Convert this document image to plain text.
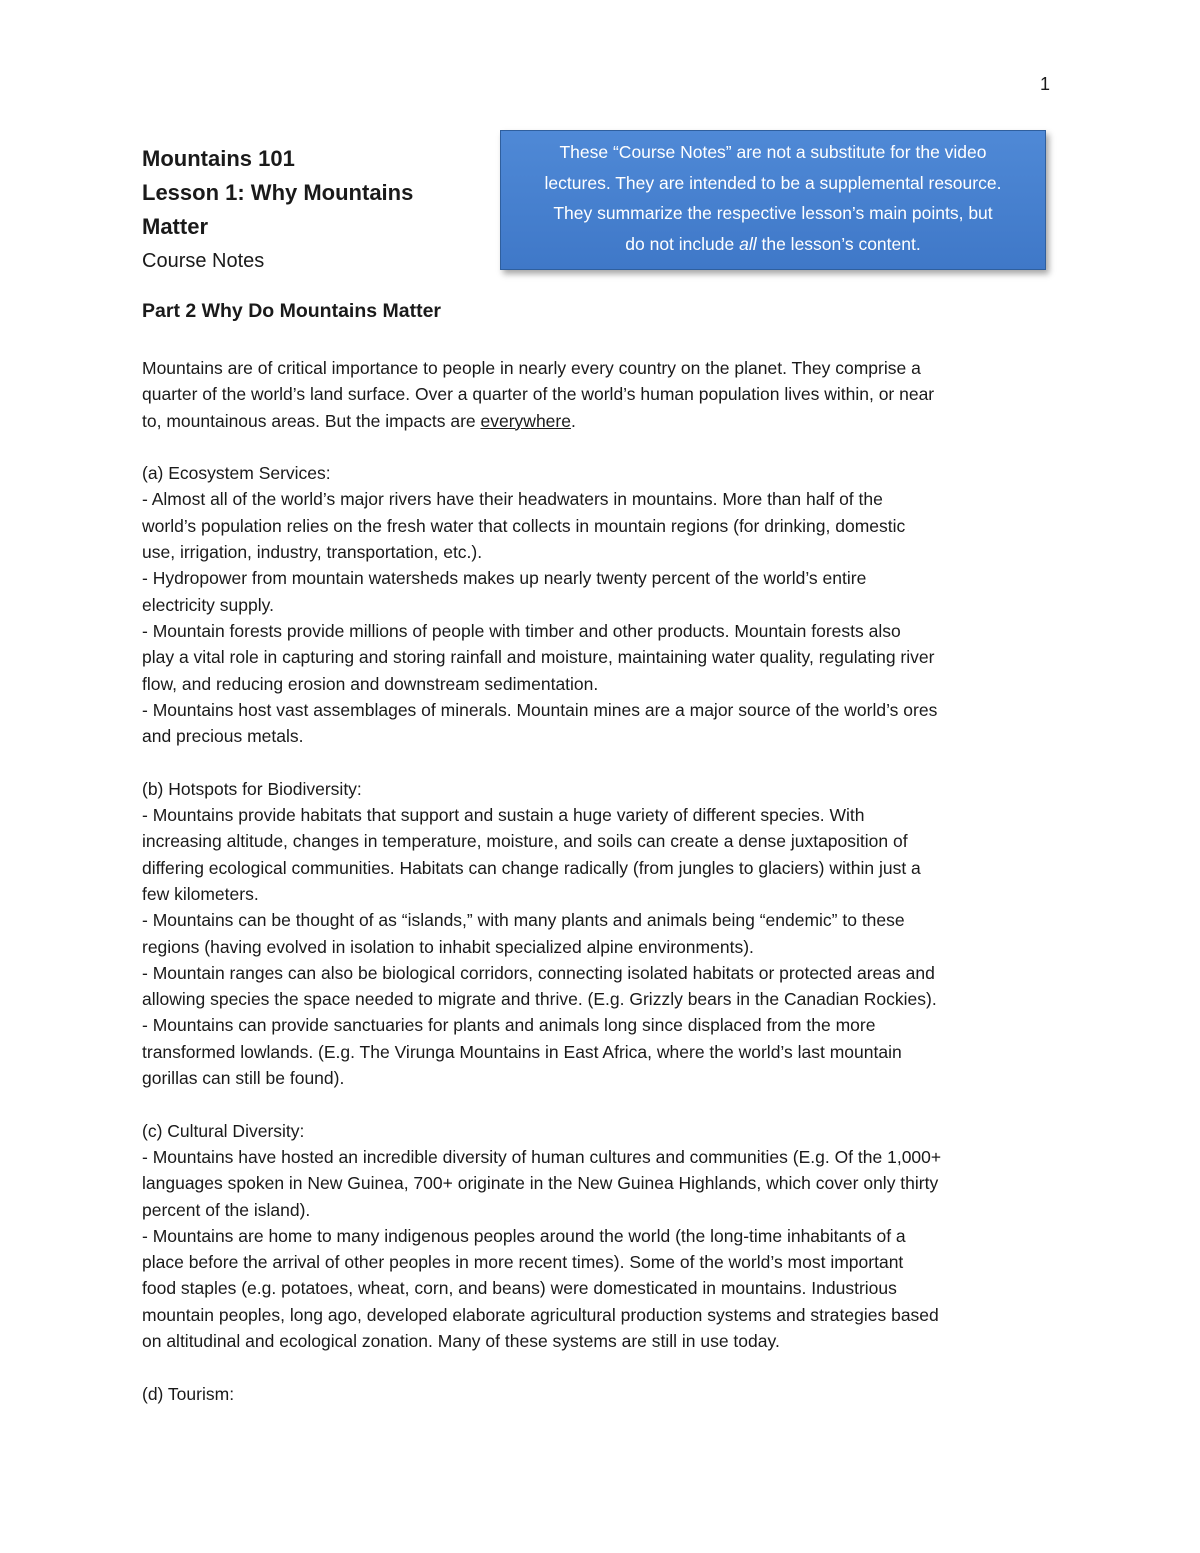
1
Mountains 101
Lesson 1: Why Mountains
Matter
Course Notes
These “Course Notes” are not a substitute for the video
lectures. They are intended to be a supplemental resource.
They summarize the respective lesson’s main points, but
do not include all the lesson’s content.
Part 2 Why Do Mountains Matter
Mountains are of critical importance to people in nearly every country on the planet. They comprise a
quarter of the world’s land surface. Over a quarter of the world’s human population lives within, or near
to, mountainous areas. But the impacts are everywhere.
(a) Ecosystem Services:
- Almost all of the world’s major rivers have their headwaters in mountains. More than half of the
world’s population relies on the fresh water that collects in mountain regions (for drinking, domestic
use, irrigation, industry, transportation, etc.).
- Hydropower from mountain watersheds makes up nearly twenty percent of the world’s entire
electricity supply.
- Mountain forests provide millions of people with timber and other products. Mountain forests also
play a vital role in capturing and storing rainfall and moisture, maintaining water quality, regulating river
flow, and reducing erosion and downstream sedimentation.
- Mountains host vast assemblages of minerals. Mountain mines are a major source of the world’s ores
and precious metals.
(b) Hotspots for Biodiversity:
- Mountains provide habitats that support and sustain a huge variety of different species. With
increasing altitude, changes in temperature, moisture, and soils can create a dense juxtaposition of
differing ecological communities. Habitats can change radically (from jungles to glaciers) within just a
few kilometers.
- Mountains can be thought of as “islands,” with many plants and animals being “endemic” to these
regions (having evolved in isolation to inhabit specialized alpine environments).
- Mountain ranges can also be biological corridors, connecting isolated habitats or protected areas and
allowing species the space needed to migrate and thrive. (E.g. Grizzly bears in the Canadian Rockies).
- Mountains can provide sanctuaries for plants and animals long since displaced from the more
transformed lowlands. (E.g. The Virunga Mountains in East Africa, where the world’s last mountain
gorillas can still be found).
(c) Cultural Diversity:
- Mountains have hosted an incredible diversity of human cultures and communities (E.g. Of the 1,000+
languages spoken in New Guinea, 700+ originate in the New Guinea Highlands, which cover only thirty
percent of the island).
- Mountains are home to many indigenous peoples around the world (the long-time inhabitants of a
place before the arrival of other peoples in more recent times). Some of the world’s most important
food staples (e.g. potatoes, wheat, corn, and beans) were domesticated in mountains. Industrious
mountain peoples, long ago, developed elaborate agricultural production systems and strategies based
on altitudinal and ecological zonation. Many of these systems are still in use today.
(d) Tourism:
